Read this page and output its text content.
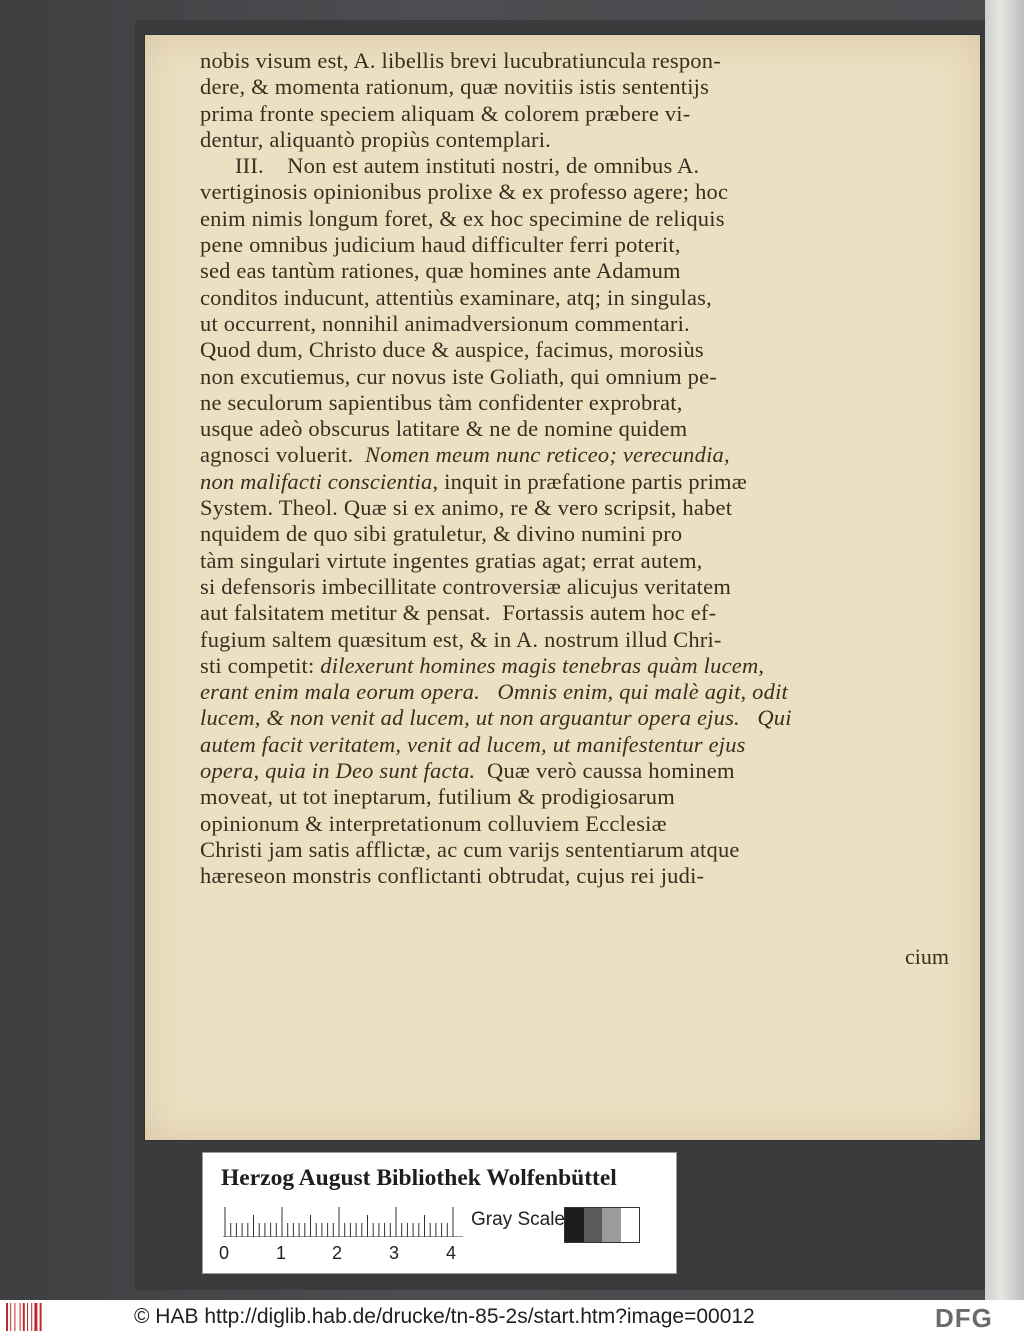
nobis visum est, A. libellis brevi lucubratiuncula respon-
dere, & momenta rationum, quæ novitiis istis sententijs
prima fronte speciem aliquam & colorem præbere vi-
dentur, aliquantò propiùs contemplari.
III.    Non est autem instituti nostri, de omnibus A.
vertiginosis opinionibus prolixe & ex professo agere; hoc
enim nimis longum foret, & ex hoc specimine de reliquis
pene omnibus judicium haud difficulter ferri poterit,
sed eas tantùm rationes, quæ homines ante Adamum
conditos inducunt, attentiùs examinare, atq; in singulas,
ut occurrent, nonnihil animadversionum commentari.
Quod dum, Christo duce & auspice, facimus, morosiùs
non excutiemus, cur novus iste Goliath, qui omnium pe-
ne seculorum sapientibus tàm confidenter exprobrat,
usque adeò obscurus latitare & ne de nomine quidem
agnosci voluerit.  Nomen meum nunc reticeo; verecundia,
non malifacti conscientia, inquit in præfatione partis primæ
System. Theol. Quæ si ex animo, re & vero scripsit, habet
nquidem de quo sibi gratuletur, & divino numini pro
tàm singulari virtute ingentes gratias agat; errat autem,
si defensoris imbecillitate controversiæ alicujus veritatem
aut falsitatem metitur & pensat.  Fortassis autem hoc ef-
fugium saltem quæsitum est, & in A. nostrum illud Chri-
sti competit: dilexerunt homines magis tenebras quàm lucem,
erant enim mala eorum opera.   Omnis enim, qui malè agit, odit
lucem, & non venit ad lucem, ut non arguantur opera ejus.   Qui
autem facit veritatem, venit ad lucem, ut manifestentur ejus
opera, quia in Deo sunt facta.  Quæ verò caussa hominem
moveat, ut tot ineptarum, futilium & prodigiosarum
opinionum & interpretationum colluviem Ecclesiæ
Christi jam satis afflictæ, ac cum varijs sententiarum atque
hæreseon monstris conflictanti obtrudat, cujus rei judi-
cium
Herzog August Bibliothek Wolfenbüttel
0	1	2	3	4
Gray Scale
© HAB http://diglib.hab.de/drucke/tn-85-2s/start.htm?image=00012	DFG
